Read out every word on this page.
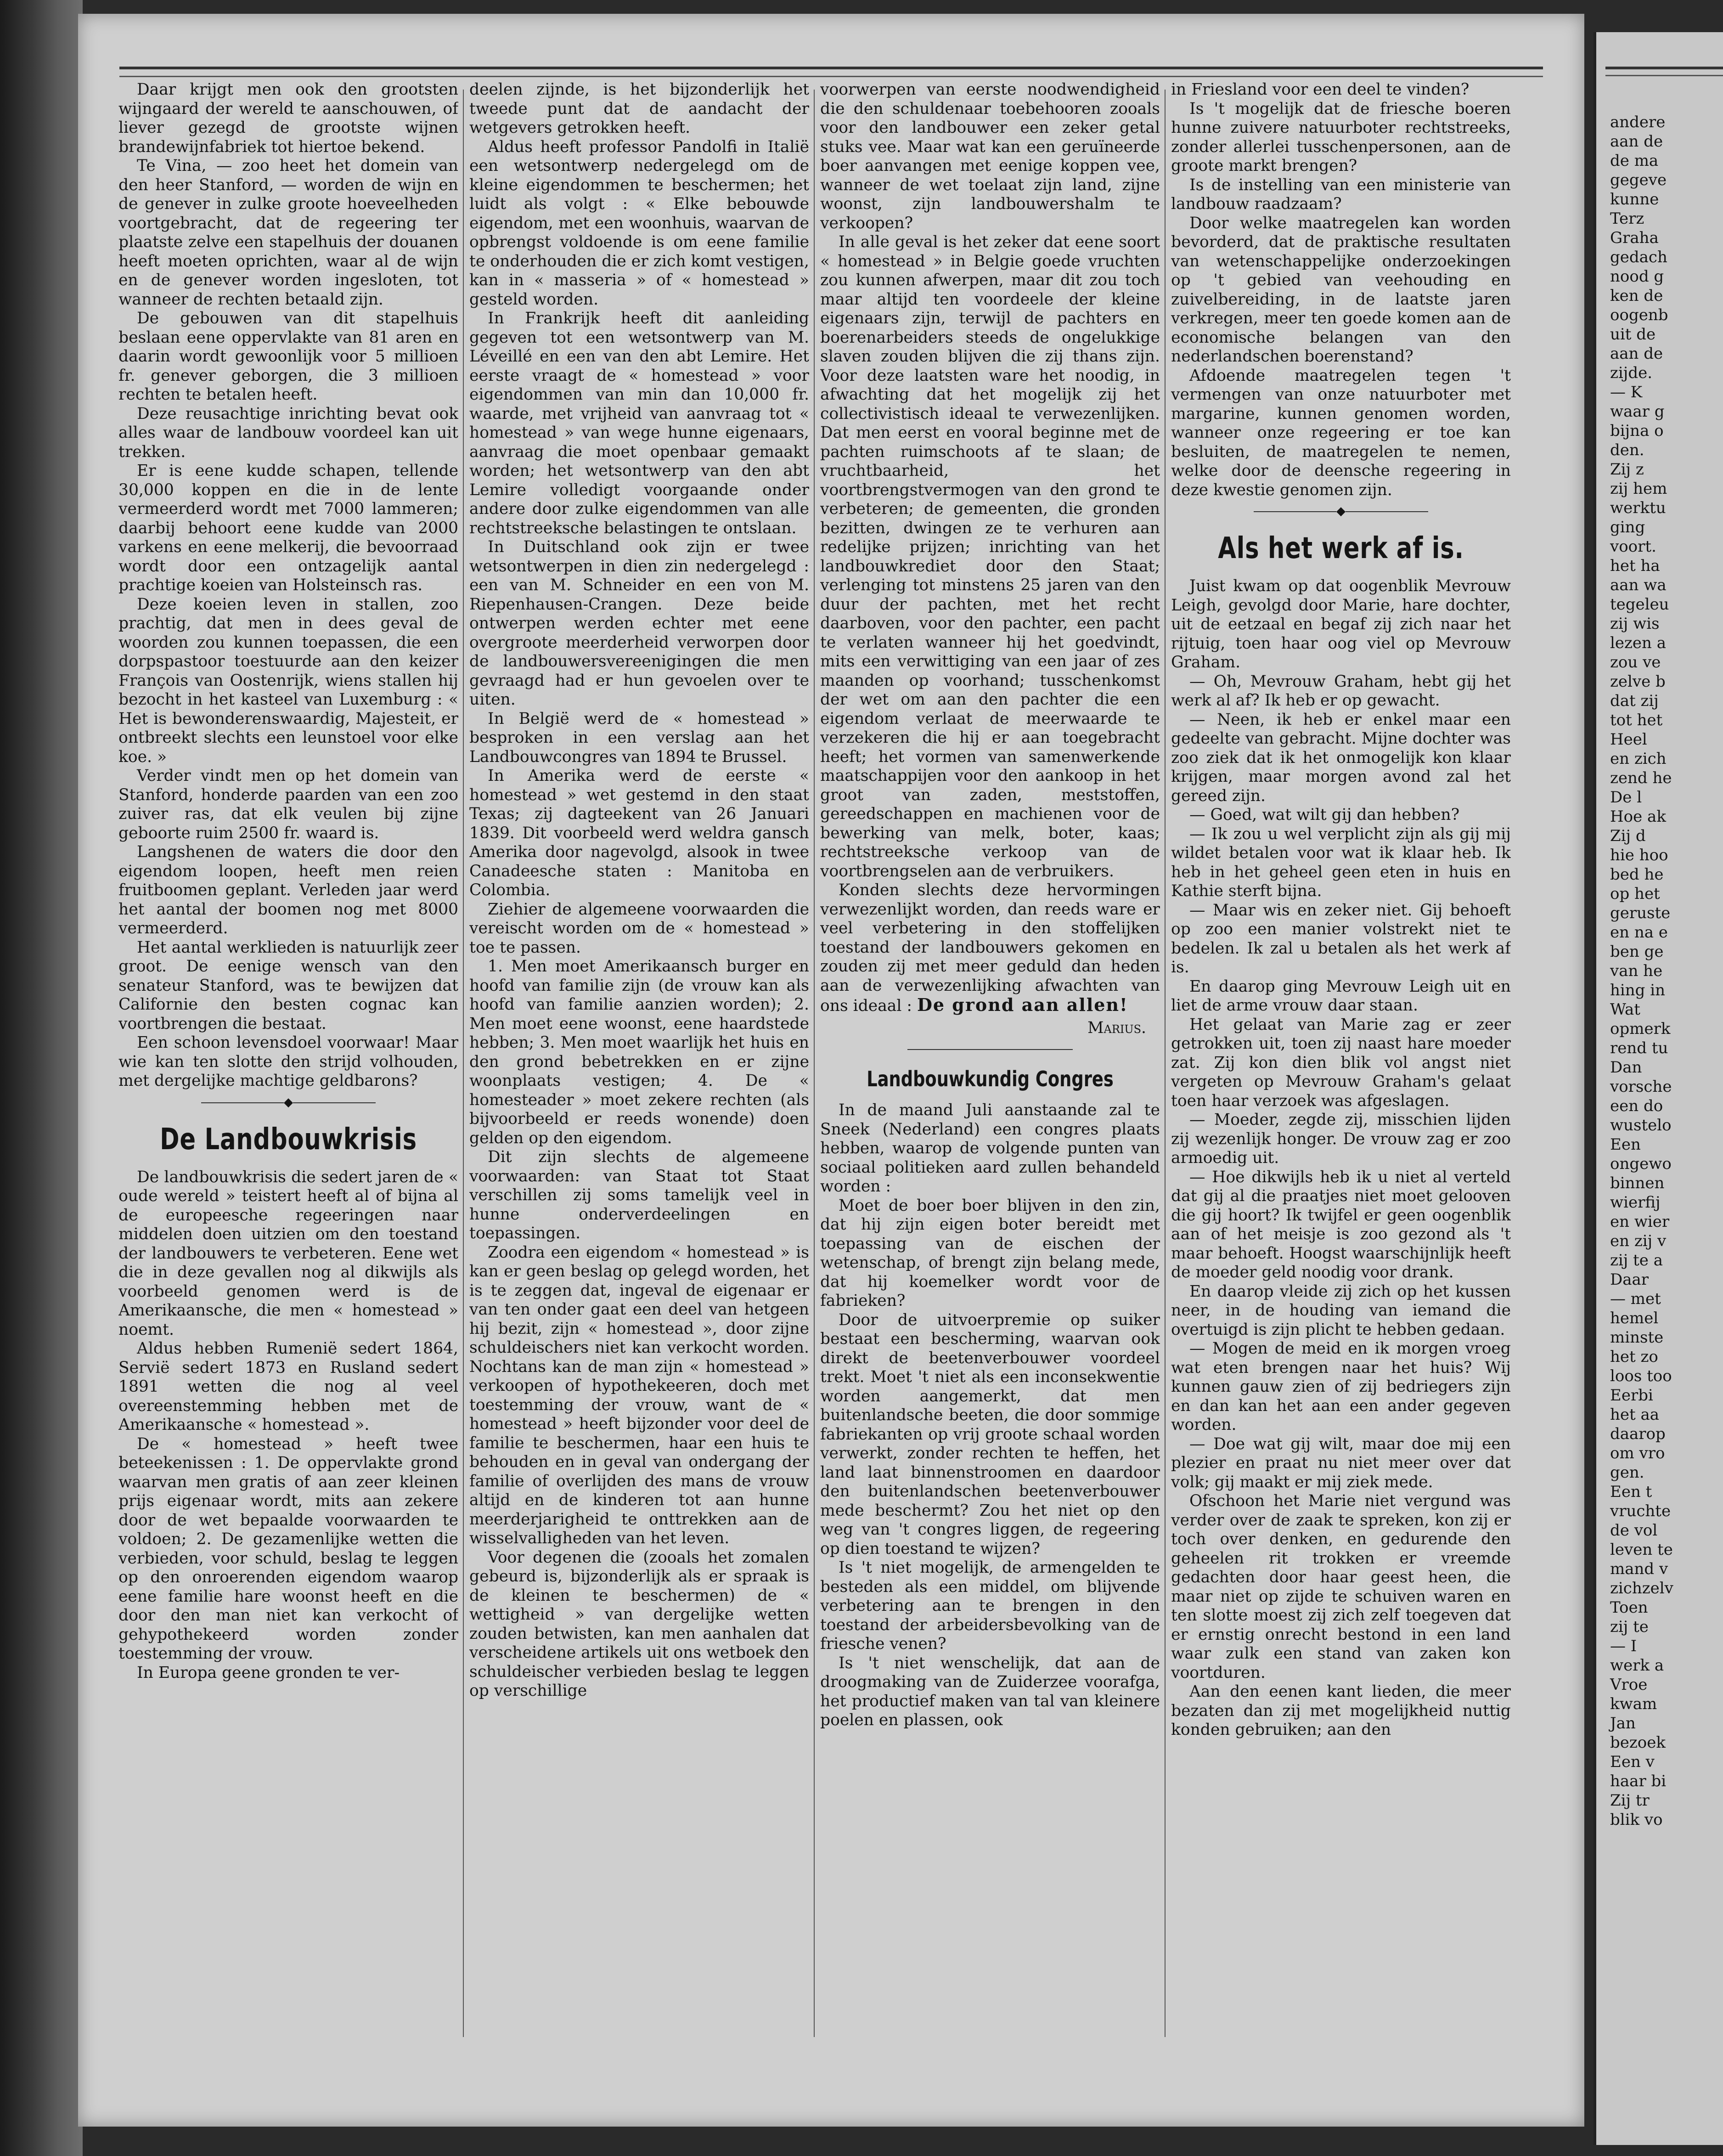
Daar krijgt men ook den grootsten wijngaard der wereld te aanschouwen, of liever gezegd de grootste wijnen brandewijnfabriek tot hiertoe bekend.

Te Vina, — zoo heet het domein van den heer Stanford, — worden de wijn en de genever in zulke groote hoeveelheden voortgebracht, dat de regeering ter plaatste zelve een stapelhuis der douanen heeft moeten oprichten, waar al de wijn en de genever worden ingesloten, tot wanneer de rechten betaald zijn.

De gebouwen van dit stapelhuis beslaan eene oppervlakte van 81 aren en daarin wordt gewoonlijk voor 5 millioen fr. genever geborgen, die 3 millioen rechten te betalen heeft.

Deze reusachtige inrichting bevat ook alles waar de landbouw voordeel kan uit trekken.

Er is eene kudde schapen, tellende 30,000 koppen en die in de lente vermeerderd wordt met 7000 lammeren; daarbij behoort eene kudde van 2000 varkens en eene melkerij, die bevoorraad wordt door een ontzagelijk aantal prachtige koeien van Holsteinsch ras.

Deze koeien leven in stallen, zoo prachtig, dat men in dees geval de woorden zou kunnen toepassen, die een dorpspastoor toestuurde aan den keizer François van Oostenrijk, wiens stallen hij bezocht in het kasteel van Luxemburg : « Het is bewonderenswaardig, Majesteit, er ontbreekt slechts een leunstoel voor elke koe. »

Verder vindt men op het domein van Stanford, honderde paarden van een zoo zuiver ras, dat elk veulen bij zijne geboorte ruim 2500 fr. waard is.

Langshenen de waters die door den eigendom loopen, heeft men reien fruitboomen geplant. Verleden jaar werd het aantal der boomen nog met 8000 vermeerderd.

Het aantal werklieden is natuurlijk zeer groot. De eenige wensch van den senateur Stanford, was te bewijzen dat Californie den besten cognac kan voortbrengen die bestaat.

Een schoon levensdoel voorwaar! Maar wie kan ten slotte den strijd volhouden, met dergelijke machtige geldbarons?

◆
De Landbouwkrisis

De landbouwkrisis die sedert jaren de « oude wereld » teistert heeft al of bijna al de europeesche regeeringen naar middelen doen uitzien om den toestand der landbouwers te verbeteren. Eene wet die in deze gevallen nog al dikwijls als voorbeeld genomen werd is de Amerikaansche, die men « homestead » noemt.

Aldus hebben Rumenië sedert 1864, Servië sedert 1873 en Rusland sedert 1891 wetten die nog al veel overeenstemming hebben met de Amerikaansche « homestead ».

De « homestead » heeft twee beteekenissen : 1. De oppervlakte grond waarvan men gratis of aan zeer kleinen prijs eigenaar wordt, mits aan zekere door de wet bepaalde voorwaarden te voldoen; 2. De gezamenlijke wetten die verbieden, voor schuld, beslag te leggen op den onroerenden eigendom waarop eene familie hare woonst heeft en die door den man niet kan verkocht of gehypothekeerd worden zonder toestemming der vrouw.

In Europa geene gronden te ver-

deelen zijnde, is het bijzonderlijk het tweede punt dat de aandacht der wetgevers getrokken heeft.

Aldus heeft professor Pandolfi in Italië een wetsontwerp nedergelegd om de kleine eigendommen te beschermen; het luidt als volgt : « Elke bebouwde eigendom, met een woonhuis, waarvan de opbrengst voldoende is om eene familie te onderhouden die er zich komt vestigen, kan in « masseria » of « homestead » gesteld worden.

In Frankrijk heeft dit aanleiding gegeven tot een wetsontwerp van M. Léveillé en een van den abt Lemire. Het eerste vraagt de « homestead » voor eigendommen van min dan 10,000 fr. waarde, met vrijheid van aanvraag tot « homestead » van wege hunne eigenaars, aanvraag die moet openbaar gemaakt worden; het wetsontwerp van den abt Lemire volledigt voorgaande onder andere door zulke eigendommen van alle rechtstreeksche belastingen te ontslaan.

In Duitschland ook zijn er twee wetsontwerpen in dien zin nedergelegd : een van M. Schneider en een von M. Riepenhausen-Crangen. Deze beide ontwerpen werden echter met eene overgroote meerderheid verworpen door de landbouwersvereenigingen die men gevraagd had er hun gevoelen over te uiten.

In België werd de « homestead » besproken in een verslag aan het Landbouwcongres van 1894 te Brussel.

In Amerika werd de eerste « homestead » wet gestemd in den staat Texas; zij dagteekent van 26 Januari 1839. Dit voorbeeld werd weldra gansch Amerika door nagevolgd, alsook in twee Canadeesche staten : Manitoba en Colombia.

Ziehier de algemeene voorwaarden die vereischt worden om de « homestead » toe te passen.

1. Men moet Amerikaansch burger en hoofd van familie zijn (de vrouw kan als hoofd van familie aanzien worden); 2. Men moet eene woonst, eene haardstede hebben; 3. Men moet waarlijk het huis en den grond bebetrekken en er zijne woonplaats vestigen; 4. De « homesteader » moet zekere rechten (als bijvoorbeeld er reeds wonende) doen gelden op den eigendom.

Dit zijn slechts de algemeene voorwaarden: van Staat tot Staat verschillen zij soms tamelijk veel in hunne onderverdeelingen en toepassingen.

Zoodra een eigendom « homestead » is kan er geen beslag op gelegd worden, het is te zeggen dat, ingeval de eigenaar er van ten onder gaat een deel van hetgeen hij bezit, zijn « homestead », door zijne schuldeischers niet kan verkocht worden. Nochtans kan de man zijn « homestead » verkoopen of hypothekeeren, doch met toestemming der vrouw, want de « homestead » heeft bijzonder voor deel de familie te beschermen, haar een huis te behouden en in geval van ondergang der familie of overlijden des mans de vrouw altijd en de kinderen tot aan hunne meerderjarigheid te onttrekken aan de wisselvalligheden van het leven.

Voor degenen die (zooals het zomalen gebeurd is, bijzonderlijk als er spraak is de kleinen te beschermen) de « wettigheid » van dergelijke wetten zouden betwisten, kan men aanhalen dat verscheidene artikels uit ons wetboek den schuldeischer verbieden beslag te leggen op verschillige

voorwerpen van eerste noodwendigheid die den schuldenaar toebehooren zooals voor den landbouwer een zeker getal stuks vee. Maar wat kan een geruïneerde boer aanvangen met eenige koppen vee, wanneer de wet toelaat zijn land, zijne woonst, zijn landbouwershalm te verkoopen?

In alle geval is het zeker dat eene soort « homestead » in Belgie goede vruchten zou kunnen afwerpen, maar dit zou toch maar altijd ten voordeele der kleine eigenaars zijn, terwijl de pachters en boerenarbeiders steeds de ongelukkige slaven zouden blijven die zij thans zijn. Voor deze laatsten ware het noodig, in afwachting dat het mogelijk zij het collectivistisch ideaal te verwezenlijken. Dat men eerst en vooral beginne met de pachten ruimschoots af te slaan; de vruchtbaarheid, het voortbrengstvermogen van den grond te verbeteren; de gemeenten, die gronden bezitten, dwingen ze te verhuren aan redelijke prijzen; inrichting van het landbouwkrediet door den Staat; verlenging tot minstens 25 jaren van den duur der pachten, met het recht daarboven, voor den pachter, een pacht te verlaten wanneer hij het goedvindt, mits een verwittiging van een jaar of zes maanden op voorhand; tusschenkomst der wet om aan den pachter die een eigendom verlaat de meerwaarde te verzekeren die hij er aan toegebracht heeft; het vormen van samenwerkende maatschappijen voor den aankoop in het groot van zaden, meststoffen, gereedschappen en machienen voor de bewerking van melk, boter, kaas; rechtstreeksche verkoop van de voortbrengselen aan de verbruikers.

Konden slechts deze hervormingen verwezenlijkt worden, dan reeds ware er veel verbetering in den stoffelijken toestand der landbouwers gekomen en zouden zij met meer geduld dan heden aan de verwezenlijking afwachten van ons ideaal : De grond aan allen!

Marius.
Landbouwkundig Congres

In de maand Juli aanstaande zal te Sneek (Nederland) een congres plaats hebben, waarop de volgende punten van sociaal politieken aard zullen behandeld worden :

Moet de boer boer blijven in den zin, dat hij zijn eigen boter bereidt met toepassing van de eischen der wetenschap, of brengt zijn belang mede, dat hij koemelker wordt voor de fabrieken?

Door de uitvoerpremie op suiker bestaat een bescherming, waarvan ook direkt de beetenverbouwer voordeel trekt. Moet 't niet als een inconsekwentie worden aangemerkt, dat men buitenlandsche beeten, die door sommige fabriekanten op vrij groote schaal worden verwerkt, zonder rechten te heffen, het land laat binnenstroomen en daardoor den buitenlandschen beetenverbouwer mede beschermt? Zou het niet op den weg van 't congres liggen, de regeering op dien toestand te wijzen?

Is 't niet mogelijk, de armengelden te besteden als een middel, om blijvende verbetering aan te brengen in den toestand der arbeidersbevolking van de friesche venen?

Is 't niet wenschelijk, dat aan de droogmaking van de Zuiderzee voorafga, het productief maken van tal van kleinere poelen en plassen, ook

in Friesland voor een deel te vinden?

Is 't mogelijk dat de friesche boeren hunne zuivere natuurboter rechtstreeks, zonder allerlei tusschenpersonen, aan de groote markt brengen?

Is de instelling van een ministerie van landbouw raadzaam?

Door welke maatregelen kan worden bevorderd, dat de praktische resultaten van wetenschappelijke onderzoekingen op 't gebied van veehouding en zuivelbereiding, in de laatste jaren verkregen, meer ten goede komen aan de economische belangen van den nederlandschen boerenstand?

Afdoende maatregelen tegen 't vermengen van onze natuurboter met margarine, kunnen genomen worden, wanneer onze regeering er toe kan besluiten, de maatregelen te nemen, welke door de deensche regeering in deze kwestie genomen zijn.

◆
Als het werk af is.

Juist kwam op dat oogenblik Mevrouw Leigh, gevolgd door Marie, hare dochter, uit de eetzaal en begaf zij zich naar het rijtuig, toen haar oog viel op Mevrouw Graham.

— Oh, Mevrouw Graham, hebt gij het werk al af? Ik heb er op gewacht.

— Neen, ik heb er enkel maar een gedeelte van gebracht. Mijne dochter was zoo ziek dat ik het onmogelijk kon klaar krijgen, maar morgen avond zal het gereed zijn.

— Goed, wat wilt gij dan hebben?

— Ik zou u wel verplicht zijn als gij mij wildet betalen voor wat ik klaar heb. Ik heb in het geheel geen eten in huis en Kathie sterft bijna.

— Maar wis en zeker niet. Gij behoeft op zoo een manier volstrekt niet te bedelen. Ik zal u betalen als het werk af is.

En daarop ging Mevrouw Leigh uit en liet de arme vrouw daar staan.

Het gelaat van Marie zag er zeer getrokken uit, toen zij naast hare moeder zat. Zij kon dien blik vol angst niet vergeten op Mevrouw Graham's gelaat toen haar verzoek was afgeslagen.

— Moeder, zegde zij, misschien lijden zij wezenlijk honger. De vrouw zag er zoo armoedig uit.

— Hoe dikwijls heb ik u niet al verteld dat gij al die praatjes niet moet gelooven die gij hoort? Ik twijfel er geen oogenblik aan of het meisje is zoo gezond als 't maar behoeft. Hoogst waarschijnlijk heeft de moeder geld noodig voor drank.

En daarop vleide zij zich op het kussen neer, in de houding van iemand die overtuigd is zijn plicht te hebben gedaan.

— Mogen de meid en ik morgen vroeg wat eten brengen naar het huis? Wij kunnen gauw zien of zij bedriegers zijn en dan kan het aan een ander gegeven worden.

— Doe wat gij wilt, maar doe mij een plezier en praat nu niet meer over dat volk; gij maakt er mij ziek mede.

Ofschoon het Marie niet vergund was verder over de zaak te spreken, kon zij er toch over denken, en gedurende den geheelen rit trokken er vreemde gedachten door haar geest heen, die maar niet op zijde te schuiven waren en ten slotte moest zij zich zelf toegeven dat er ernstig onrecht bestond in een land waar zulk een stand van zaken kon voortduren.

Aan den eenen kant lieden, die meer bezaten dan zij met mogelijkheid nuttig konden gebruiken; aan den

andere
aan de
de ma
gegeve
kunne
Terz
Graha
gedach
nood g
ken de
oogenb
uit de
aan de
zijde.
— K
waar g
bijna o
den.
Zij z
zij hem
werktu
ging
voort.
het ha
aan wa
tegeleu
zij wis
lezen a
zou ve
zelve b
dat zij
tot het
Heel
en zich
zend he
De l
Hoe ak
Zij d
hie hoo
bed he
op het
geruste
en na e
ben ge
van he
hing in
Wat
opmerk
rend tu
Dan
vorsche
een do
wustelo
Een
ongewo
binnen
wierfij
en wier
en zij v
zij te a
Daar
— met
hemel
minste
het zo
loos too
Eerbi
het aa
daarop
om vro
gen.
Een t
vruchte
de vol
leven te
mand v
zichzelv
Toen
zij te
— I
werk a
Vroe
kwam
Jan
bezoek
Een v
haar bi
Zij tr
blik vo
